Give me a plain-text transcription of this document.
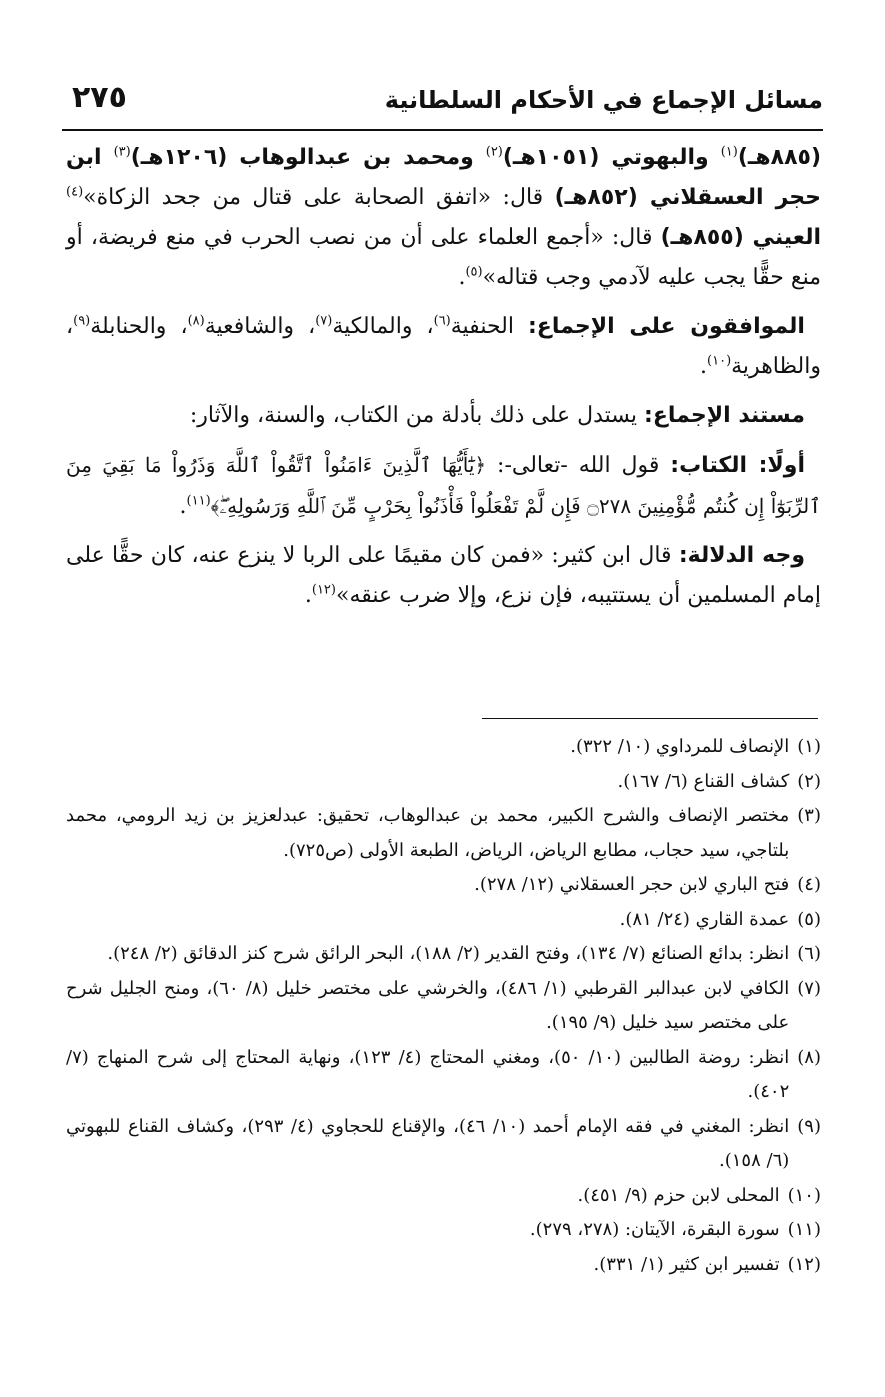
مسائل الإجماع في الأحكام السلطانية
٢٧٥

(٨٨٥هـ)$^{(١)}$ والبهوتي (١٠٥١هـ)$^{(٢)}$ ومحمد بن عبدالوهاب (١٢٠٦هـ)$^{(٣)}$ ابن حجر العسقلاني (٨٥٢هـ) قال: «اتفق الصحابة على قتال من جحد الزكاة»$^{(٤)}$ العيني (٨٥٥هـ) قال: «أجمع العلماء على أن من نصب الحرب في منع فريضة، أو منع حقًّا يجب عليه لآدمي وجب قتاله»$^{(٥)}$.

الموافقون على الإجماع: الحنفية$^{(٦)}$، والمالكية$^{(٧)}$، والشافعية$^{(٨)}$، والحنابلة$^{(٩)}$، والظاهرية$^{(١٠)}$.

مستند الإجماع: يستدل على ذلك بأدلة من الكتاب، والسنة، والآثار:

أولًا: الكتاب: قول الله -تعالى-: ﴿يَٰٓأَيُّهَا ٱلَّذِينَ ءَامَنُواْ ٱتَّقُواْ ٱللَّهَ وَذَرُواْ مَا بَقِيَ مِنَ ٱلرِّبَوٰٓاْ إِن كُنتُم مُّؤْمِنِينَ ۝٢٧٨ فَإِن لَّمْ تَفْعَلُواْ فَأْذَنُواْ بِحَرْبٍ مِّنَ ٱللَّهِ وَرَسُولِهِۦۖ﴾$^{(١١)}$.

وجه الدلالة: قال ابن كثير: «فمن كان مقيمًا على الربا لا ينزع عنه، كان حقًّا على إمام المسلمين أن يستتيبه، فإن نزع، وإلا ضرب عنقه»$^{(١٢)}$.

(١)
الإنصاف للمرداوي (١٠/ ٣٢٢).
(٢)
كشاف القناع (٦/ ١٦٧).
(٣)
مختصر الإنصاف والشرح الكبير، محمد بن عبدالوهاب، تحقيق: عبدلعزيز بن زيد الرومي، محمد بلتاجي، سيد حجاب، مطابع الرياض، الرياض، الطبعة الأولى (ص٧٢٥).
(٤)
فتح الباري لابن حجر العسقلاني (١٢/ ٢٧٨).
(٥)
عمدة القاري (٢٤/ ٨١).
(٦)
انظر: بدائع الصنائع (٧/ ١٣٤)، وفتح القدير (٢/ ١٨٨)، البحر الرائق شرح كنز الدقائق (٢/ ٢٤٨).
(٧)
الكافي لابن عبدالبر القرطبي (١/ ٤٨٦)، والخرشي على مختصر خليل (٨/ ٦٠)، ومنح الجليل شرح على مختصر سيد خليل (٩/ ١٩٥).
(٨)
انظر: روضة الطالبين (١٠/ ٥٠)، ومغني المحتاج (٤/ ١٢٣)، ونهاية المحتاج إلى شرح المنهاج (٧/ ٤٠٢).
(٩)
انظر: المغني في فقه الإمام أحمد (١٠/ ٤٦)، والإقناع للحجاوي (٤/ ٢٩٣)، وكشاف القناع للبهوتي (٦/ ١٥٨).
(١٠)
المحلى لابن حزم (٩/ ٤٥١).
(١١)
سورة البقرة، الآيتان: (٢٧٨، ٢٧٩).
(١٢)
تفسير ابن كثير (١/ ٣٣١).
